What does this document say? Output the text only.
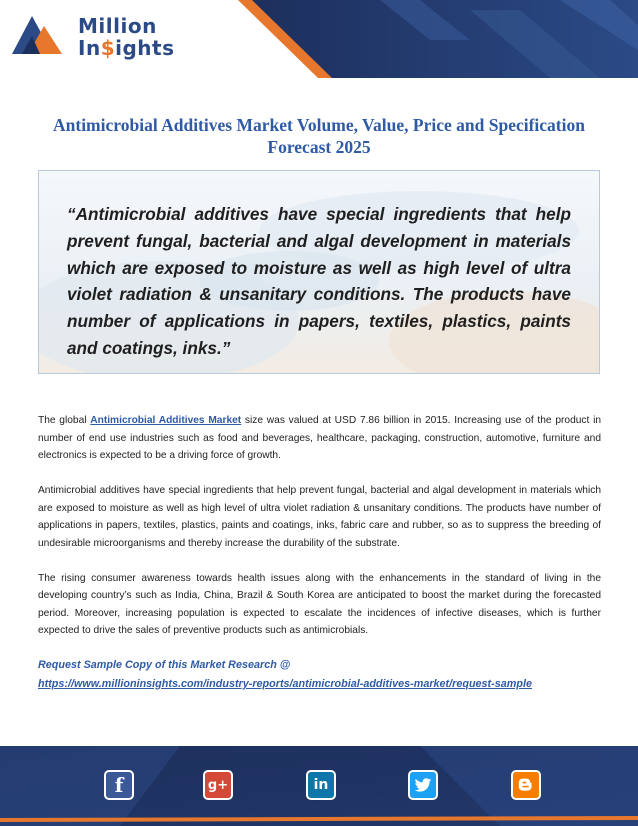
Million
In$ights
Antimicrobial Additives Market Volume, Value, Price and Specification Forecast 2025
“Antimicrobial additives have special ingredients that help prevent fungal, bacterial and algal development in materials which are exposed to moisture as well as high level of ultra violet radiation & unsanitary conditions. The products have number of applications in papers, textiles, plastics, paints and coatings, inks.”

The global Antimicrobial Additives Market size was valued at USD 7.86 billion in 2015. Increasing use of the product in number of end use industries such as food and beverages, healthcare, packaging, construction, automotive, furniture and electronics is expected to be a driving force of growth.

Antimicrobial additives have special ingredients that help prevent fungal, bacterial and algal development in materials which are exposed to moisture as well as high level of ultra violet radiation & unsanitary conditions. The products have number of applications in papers, textiles, plastics, paints and coatings, inks, fabric care and rubber, so as to suppress the breeding of undesirable microorganisms and thereby increase the durability of the substrate.

The rising consumer awareness towards health issues along with the enhancements in the standard of living in the developing country’s such as India, China, Brazil & South Korea are anticipated to boost the market during the forecasted period. Moreover, increasing population is expected to escalate the incidences of infective diseases, which is further expected to drive the sales of preventive products such as antimicrobials.

Request Sample Copy of this Market Research @
https://www.millioninsights.com/industry-reports/antimicrobial-additives-market/request-sample
f	g+	in
